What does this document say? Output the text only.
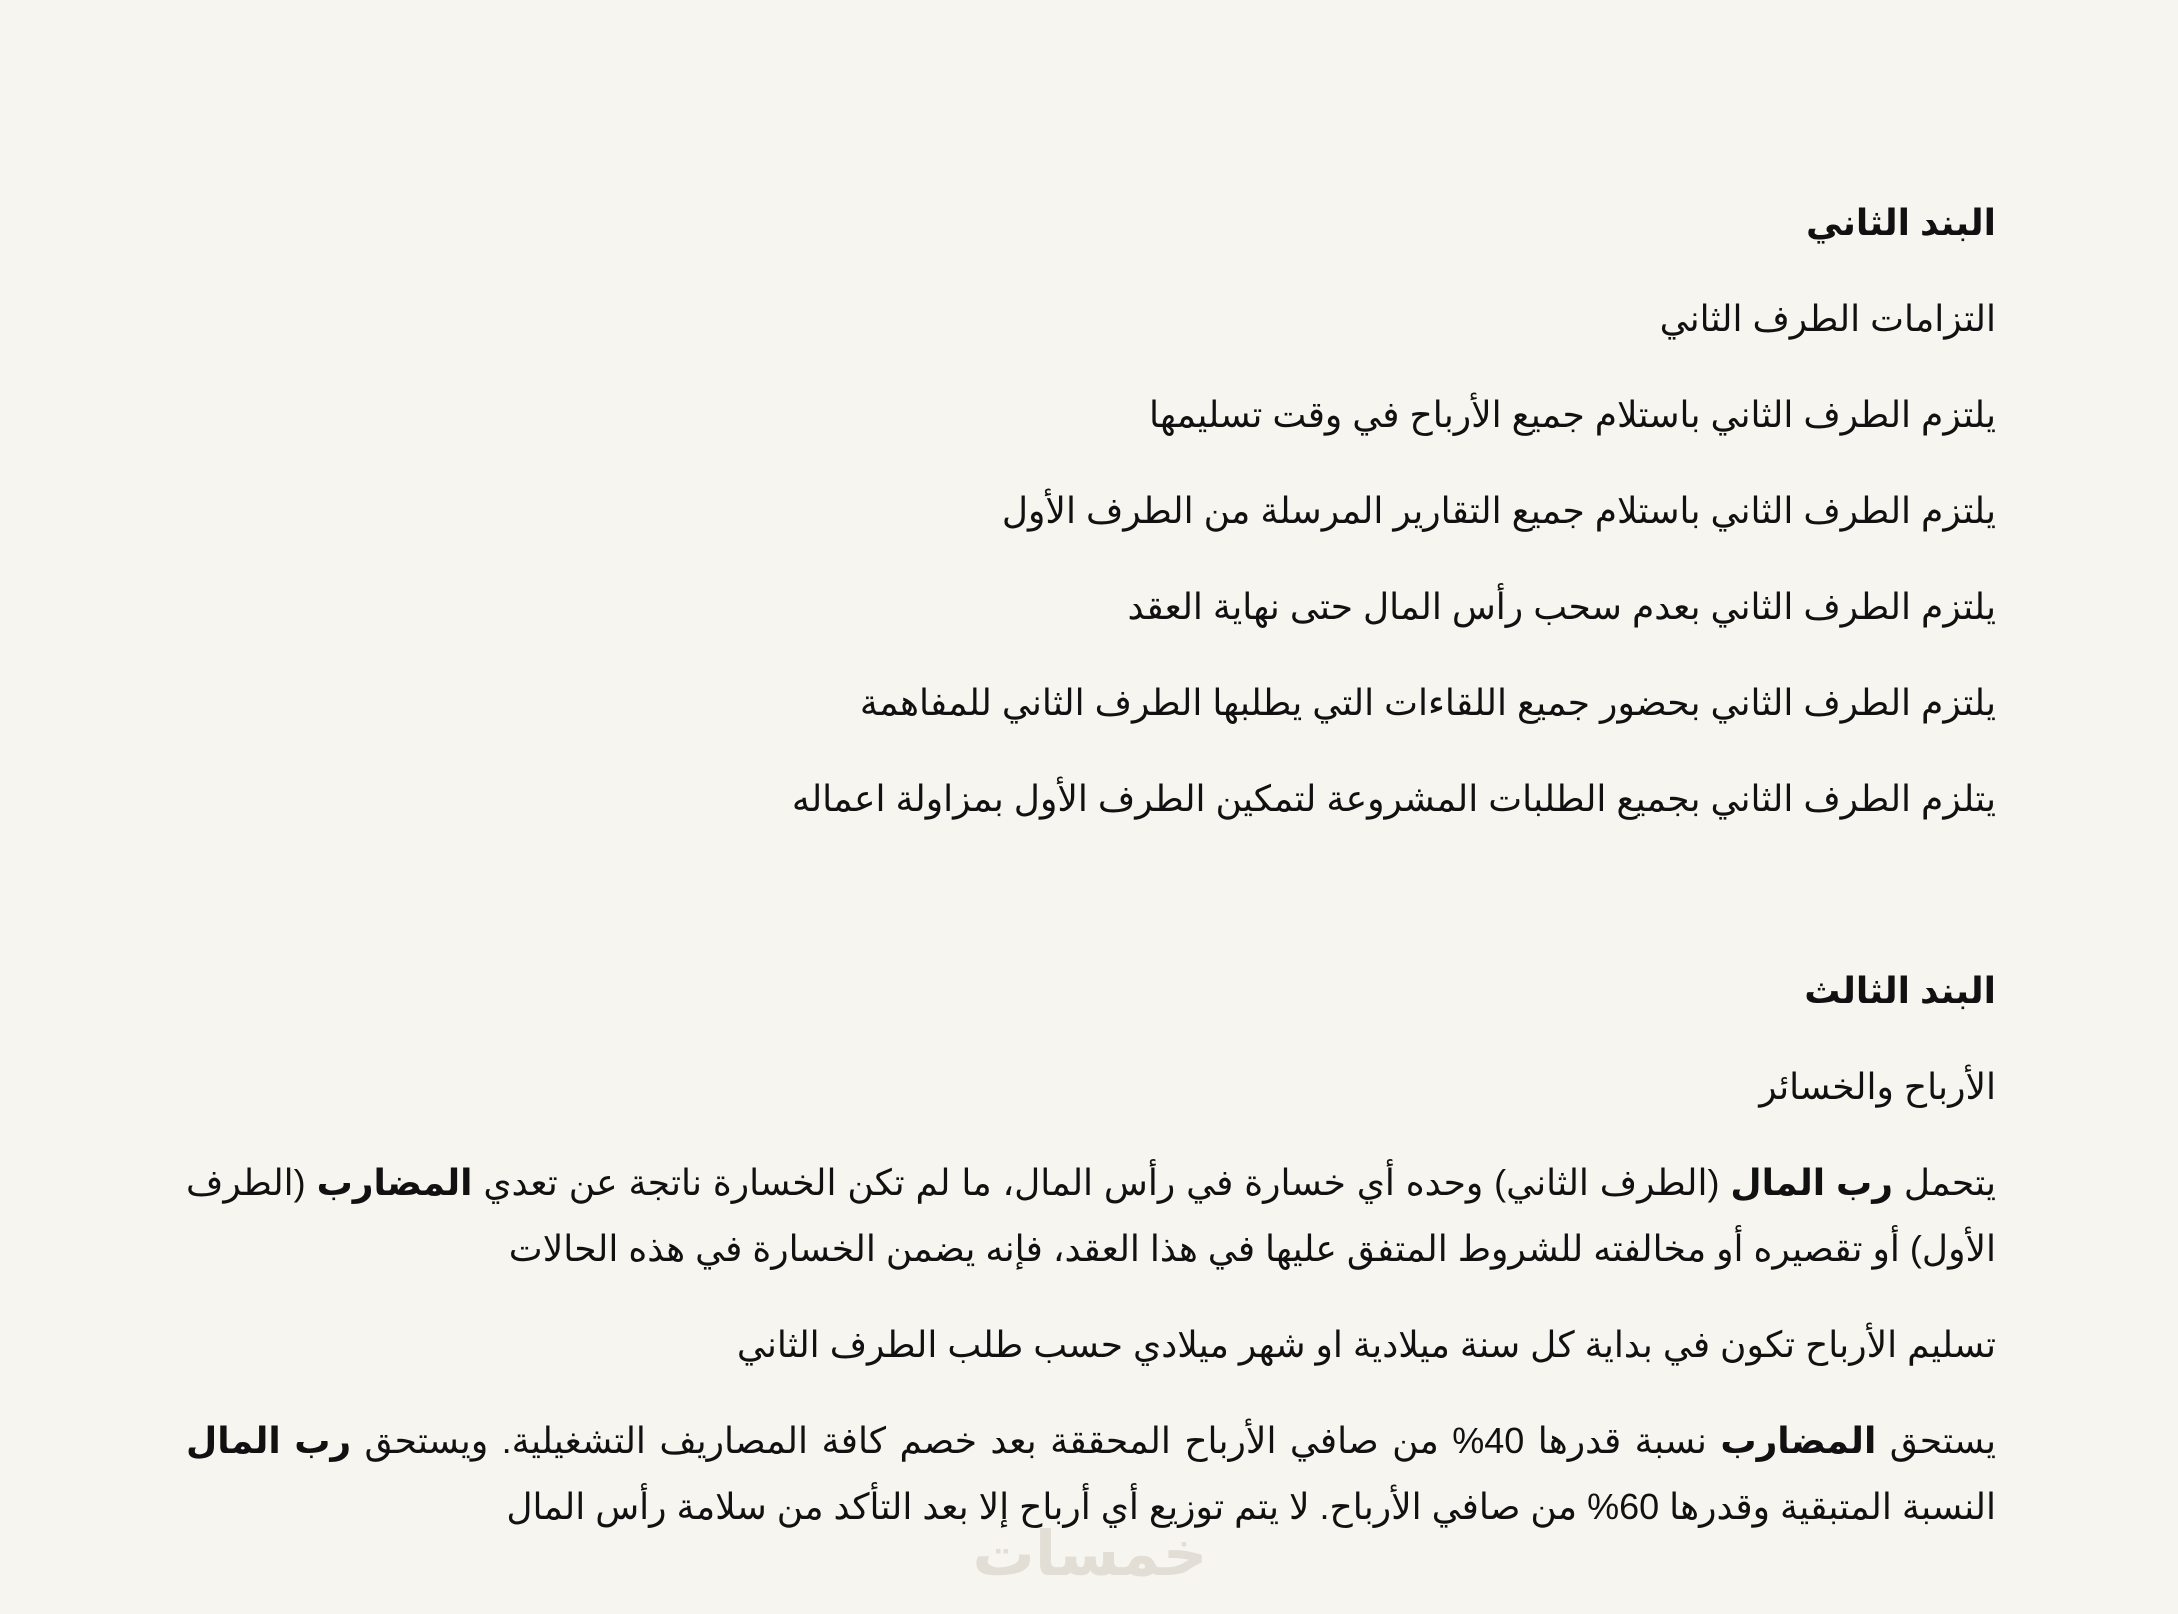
البند الثاني
التزامات الطرف الثاني
يلتزم الطرف الثاني باستلام جميع الأرباح في وقت تسليمها
يلتزم الطرف الثاني باستلام جميع التقارير المرسلة من الطرف الأول
يلتزم الطرف الثاني بعدم سحب رأس المال حتى نهاية العقد
يلتزم الطرف الثاني بحضور جميع اللقاءات التي يطلبها الطرف الثاني للمفاهمة
يتلزم الطرف الثاني بجميع الطلبات المشروعة لتمكين الطرف الأول بمزاولة اعماله
البند الثالث
الأرباح والخسائر
يتحمل رب المال (الطرف الثاني) وحده أي خسارة في رأس المال، ما لم تكن الخسارة ناتجة عن تعدي المضارب (الطرف الأول) أو تقصيره أو مخالفته للشروط المتفق عليها في هذا العقد، فإنه يضمن الخسارة في هذه الحالات
تسليم الأرباح تكون في بداية كل سنة ميلادية او شهر ميلادي حسب طلب الطرف الثاني
يستحق المضارب نسبة قدرها 40% من صافي الأرباح المحققة بعد خصم كافة المصاريف التشغيلية. ويستحق رب المال النسبة المتبقية وقدرها 60% من صافي الأرباح. لا يتم توزيع أي أرباح إلا بعد التأكد من سلامة رأس المال
خمسات
